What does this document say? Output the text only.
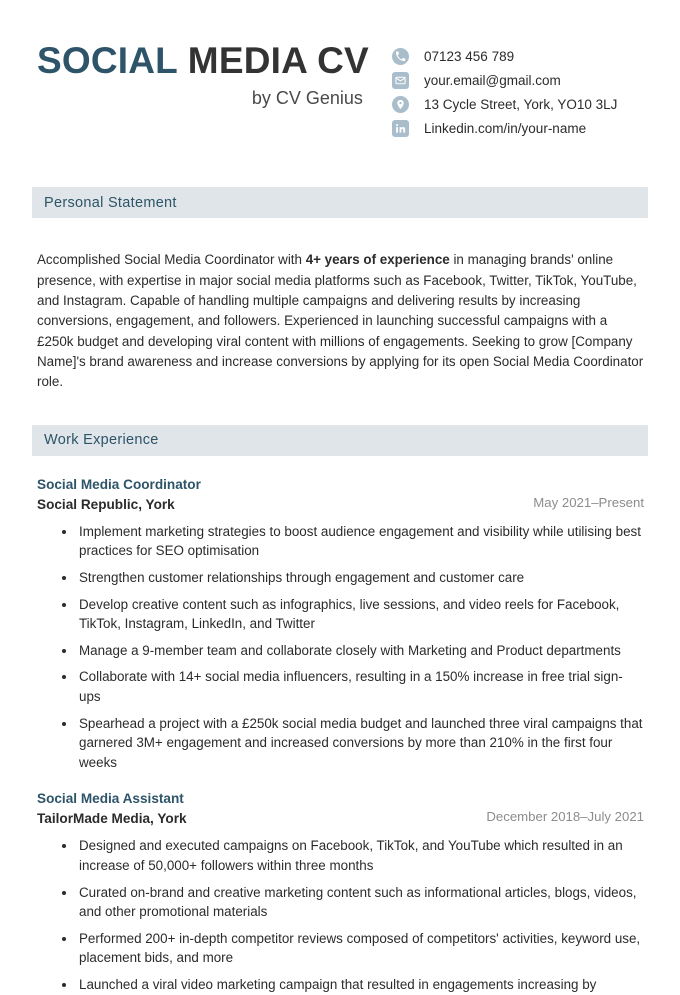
SOCIAL MEDIA CV
by CV Genius
07123 456 789
your.email@gmail.com
13 Cycle Street, York, YO10 3LJ
Linkedin.com/in/your-name
Personal Statement

Accomplished Social Media Coordinator with 4+ years of experience in managing brands' online presence, with expertise in major social media platforms such as Facebook, Twitter, TikTok, YouTube, and Instagram. Capable of handling multiple campaigns and delivering results by increasing conversions, engagement, and followers. Experienced in launching successful campaigns with a £250k budget and developing viral content with millions of engagements. Seeking to grow [Company Name]'s brand awareness and increase conversions by applying for its open Social Media Coordinator role.

Work Experience
Social Media Coordinator
Social Republic, York	May 2021–Present
Implement marketing strategies to boost audience engagement and visibility while utilising best practices for SEO optimisation
Strengthen customer relationships through engagement and customer care
Develop creative content such as infographics, live sessions, and video reels for Facebook, TikTok, Instagram, LinkedIn, and Twitter
Manage a 9-member team and collaborate closely with Marketing and Product departments
Collaborate with 14+ social media influencers, resulting in a 150% increase in free trial sign-ups
Spearhead a project with a £250k social media budget and launched three viral campaigns that garnered 3M+ engagement and increased conversions by more than 210% in the first four weeks
Social Media Assistant
TailorMade Media, York	December 2018–July 2021
Designed and executed campaigns on Facebook, TikTok, and YouTube which resulted in an increase of 50,000+ followers within three months
Curated on-brand and creative marketing content such as informational articles, blogs, videos, and other promotional materials
Performed 200+ in-depth competitor reviews composed of competitors' activities, keyword use, placement bids, and more
Launched a viral video marketing campaign that resulted in engagements increasing by
